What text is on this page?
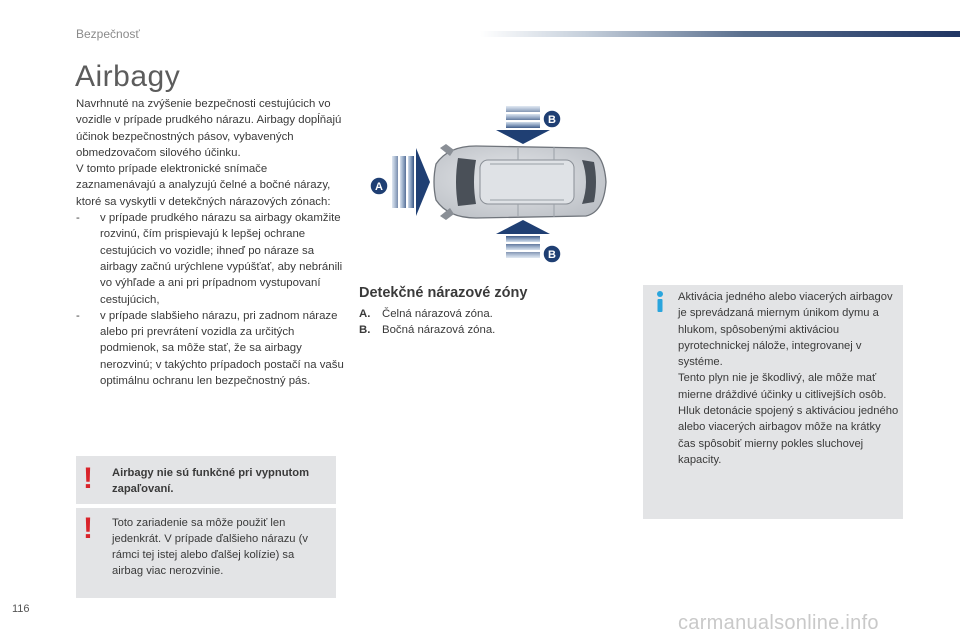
Bezpečnosť
Airbagy

Navrhnuté na zvýšenie bezpečnosti cestujúcich vo vozidle v prípade prudkého nárazu. Airbagy dopĺňajú účinok bezpečnostných pásov, vybavených obmedzovačom silového účinku.

V tomto prípade elektronické snímače zaznamenávajú a analyzujú čelné a bočné nárazy, ktoré sa vyskytli v detekčných nárazových zónach:

- v prípade prudkého nárazu sa airbagy okamžite rozvinú, čím prispievajú k lepšej ochrane cestujúcich vo vozidle; ihneď po náraze sa airbagy začnú urýchlene vypúšťať, aby nebránili vo výhľade a ani pri prípadnom vystupovaní cestujúcich,
- v prípade slabšieho nárazu, pri zadnom náraze alebo pri prevrátení vozidla za určitých podmienok, sa môže stať, že sa airbagy nerozvinú; v takýchto prípadoch postačí na vašu optimálnu ochranu len bezpečnostný pás.
! Airbagy nie sú funkčné pri vypnutom zapaľovaní.
! Toto zariadenie sa môže použiť len jedenkrát. V prípade ďalšieho nárazu (v rámci tej istej alebo ďalšej kolízie) sa airbag viac nerozvinie.
A
B
B
Detekčné nárazové zóny
A. Čelná nárazová zóna.
B. Bočná nárazová zóna.
Aktivácia jedného alebo viacerých airbagov je sprevádzaná miernym únikom dymu a hlukom, spôsobenými aktiváciou pyrotechnickej nálože, integrovanej v systéme.
Tento plyn nie je škodlivý, ale môže mať mierne dráždivé účinky u citlivejších osôb.
Hluk detonácie spojený s aktiváciou jedného alebo viacerých airbagov môže na krátky čas spôsobiť mierny pokles sluchovej kapacity.
116
carmanualsonline.info
